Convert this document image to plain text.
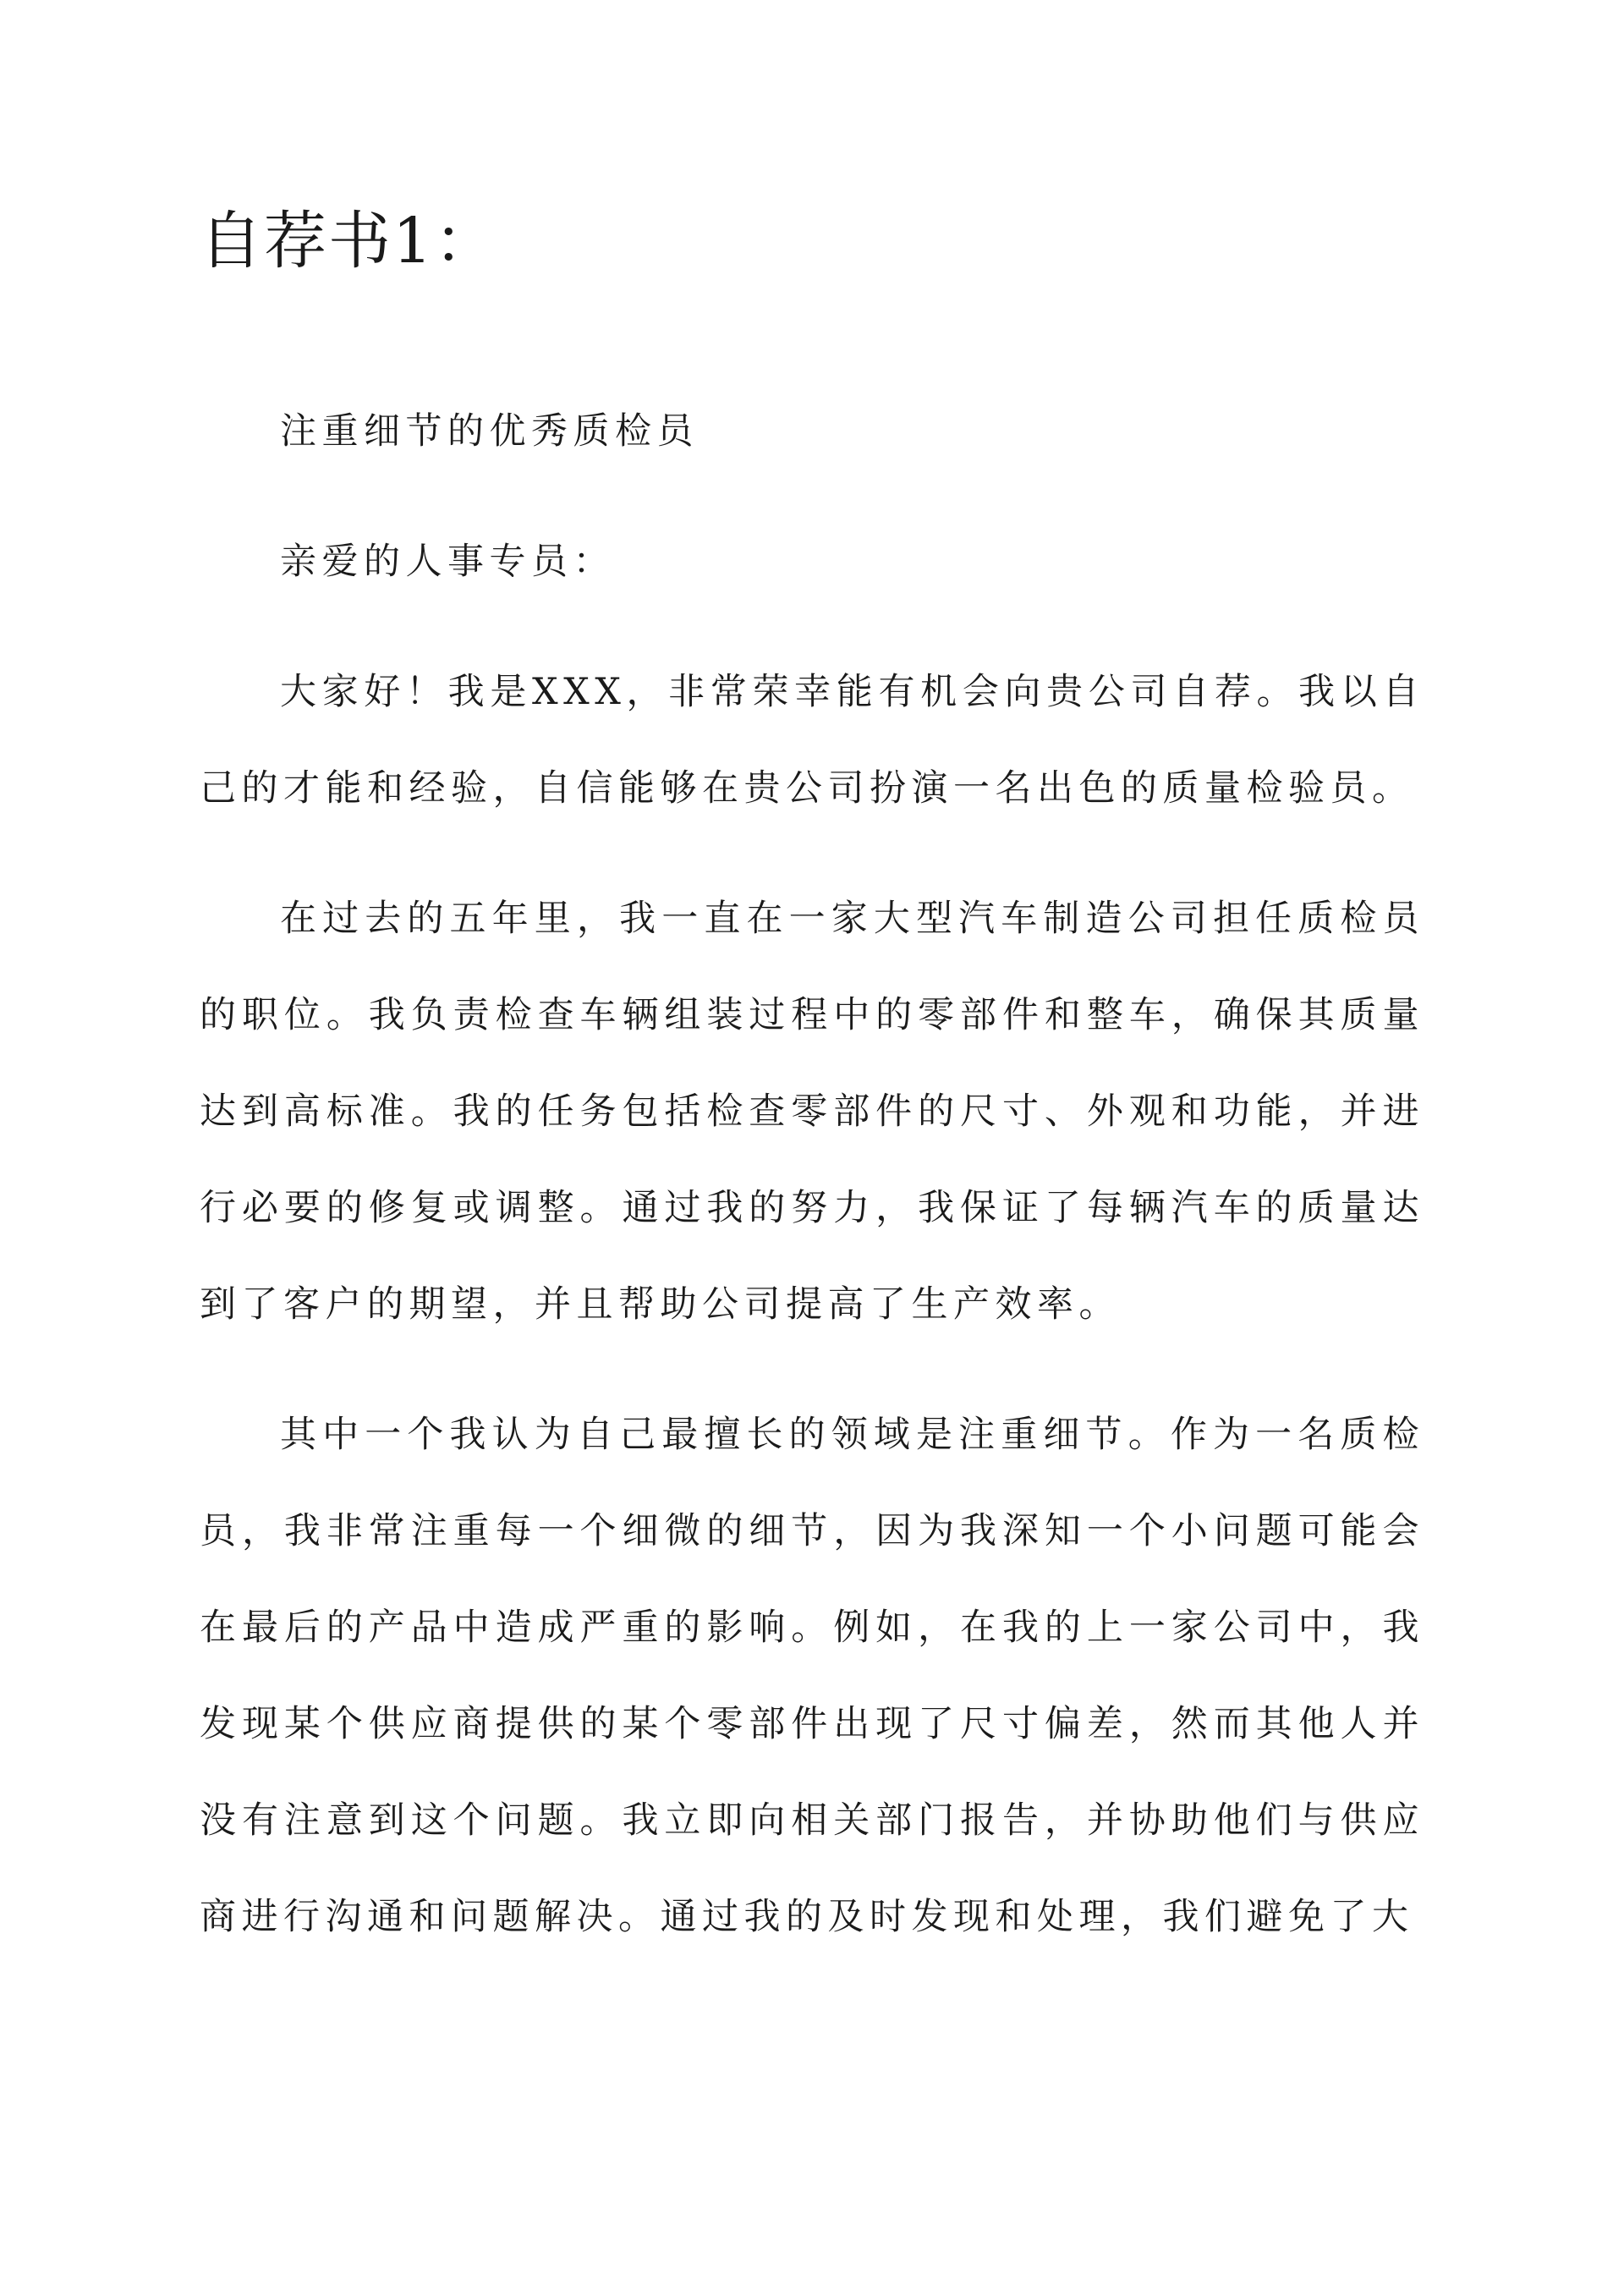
自荐书1：

注重细节的优秀质检员

亲爱的人事专员：

大家好！我是XXX，非常荣幸能有机会向贵公司自荐。我以自己的才能和经验，自信能够在贵公司扮演一名出色的质量检验员。

在过去的五年里，我一直在一家大型汽车制造公司担任质检员的职位。我负责检查车辆组装过程中的零部件和整车，确保其质量达到高标准。我的任务包括检查零部件的尺寸、外观和功能，并进行必要的修复或调整。通过我的努力，我保证了每辆汽车的质量达到了客户的期望，并且帮助公司提高了生产效率。

其中一个我认为自己最擅长的领域是注重细节。作为一名质检员，我非常注重每一个细微的细节，因为我深知一个小问题可能会在最后的产品中造成严重的影响。例如，在我的上一家公司中，我发现某个供应商提供的某个零部件出现了尺寸偏差，然而其他人并没有注意到这个问题。我立即向相关部门报告，并协助他们与供应商进行沟通和问题解决。通过我的及时发现和处理，我们避免了大
